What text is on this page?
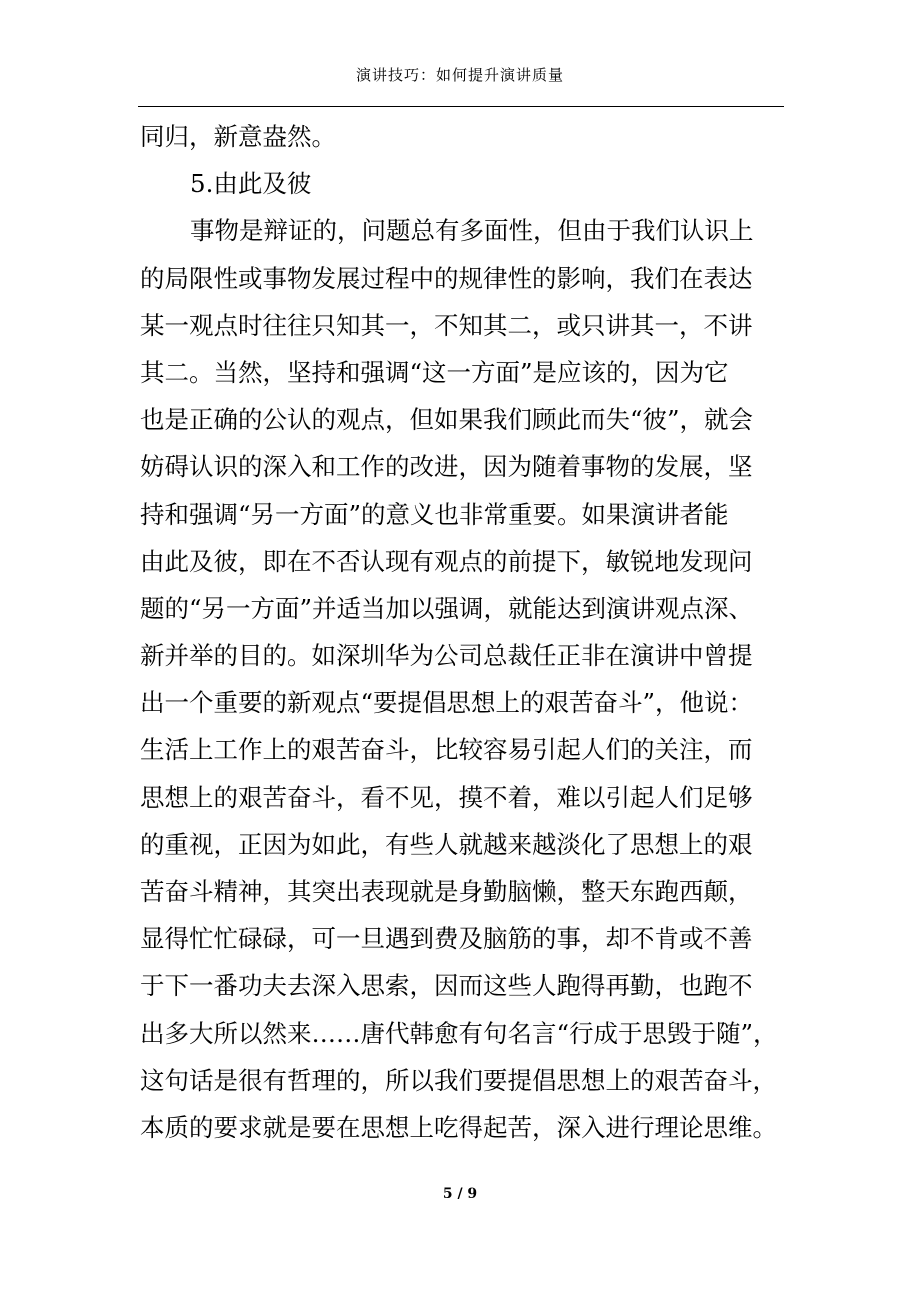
演讲技巧：如何提升演讲质量
同归，新意盎然。
5.由此及彼
事物是辩证的，问题总有多面性，但由于我们认识上
的局限性或事物发展过程中的规律性的影响，我们在表达
某一观点时往往只知其一，不知其二，或只讲其一，不讲
其二。当然，坚持和强调“这一方面”是应该的，因为它
也是正确的公认的观点，但如果我们顾此而失“彼”，就会
妨碍认识的深入和工作的改进，因为随着事物的发展，坚
持和强调“另一方面”的意义也非常重要。如果演讲者能
由此及彼，即在不否认现有观点的前提下，敏锐地发现问
题的“另一方面”并适当加以强调，就能达到演讲观点深、
新并举的目的。如深圳华为公司总裁任正非在演讲中曾提
出一个重要的新观点“要提倡思想上的艰苦奋斗”，他说：
生活上工作上的艰苦奋斗，比较容易引起人们的关注，而
思想上的艰苦奋斗，看不见，摸不着，难以引起人们足够
的重视，正因为如此，有些人就越来越淡化了思想上的艰
苦奋斗精神，其突出表现就是身勤脑懒，整天东跑西颠，
显得忙忙碌碌，可一旦遇到费及脑筋的事，却不肯或不善
于下一番功夫去深入思索，因而这些人跑得再勤，也跑不
出多大所以然来……唐代韩愈有句名言“行成于思毁于随”，
这句话是很有哲理的，所以我们要提倡思想上的艰苦奋斗，
本质的要求就是要在思想上吃得起苦，深入进行理论思维。
5 / 9
